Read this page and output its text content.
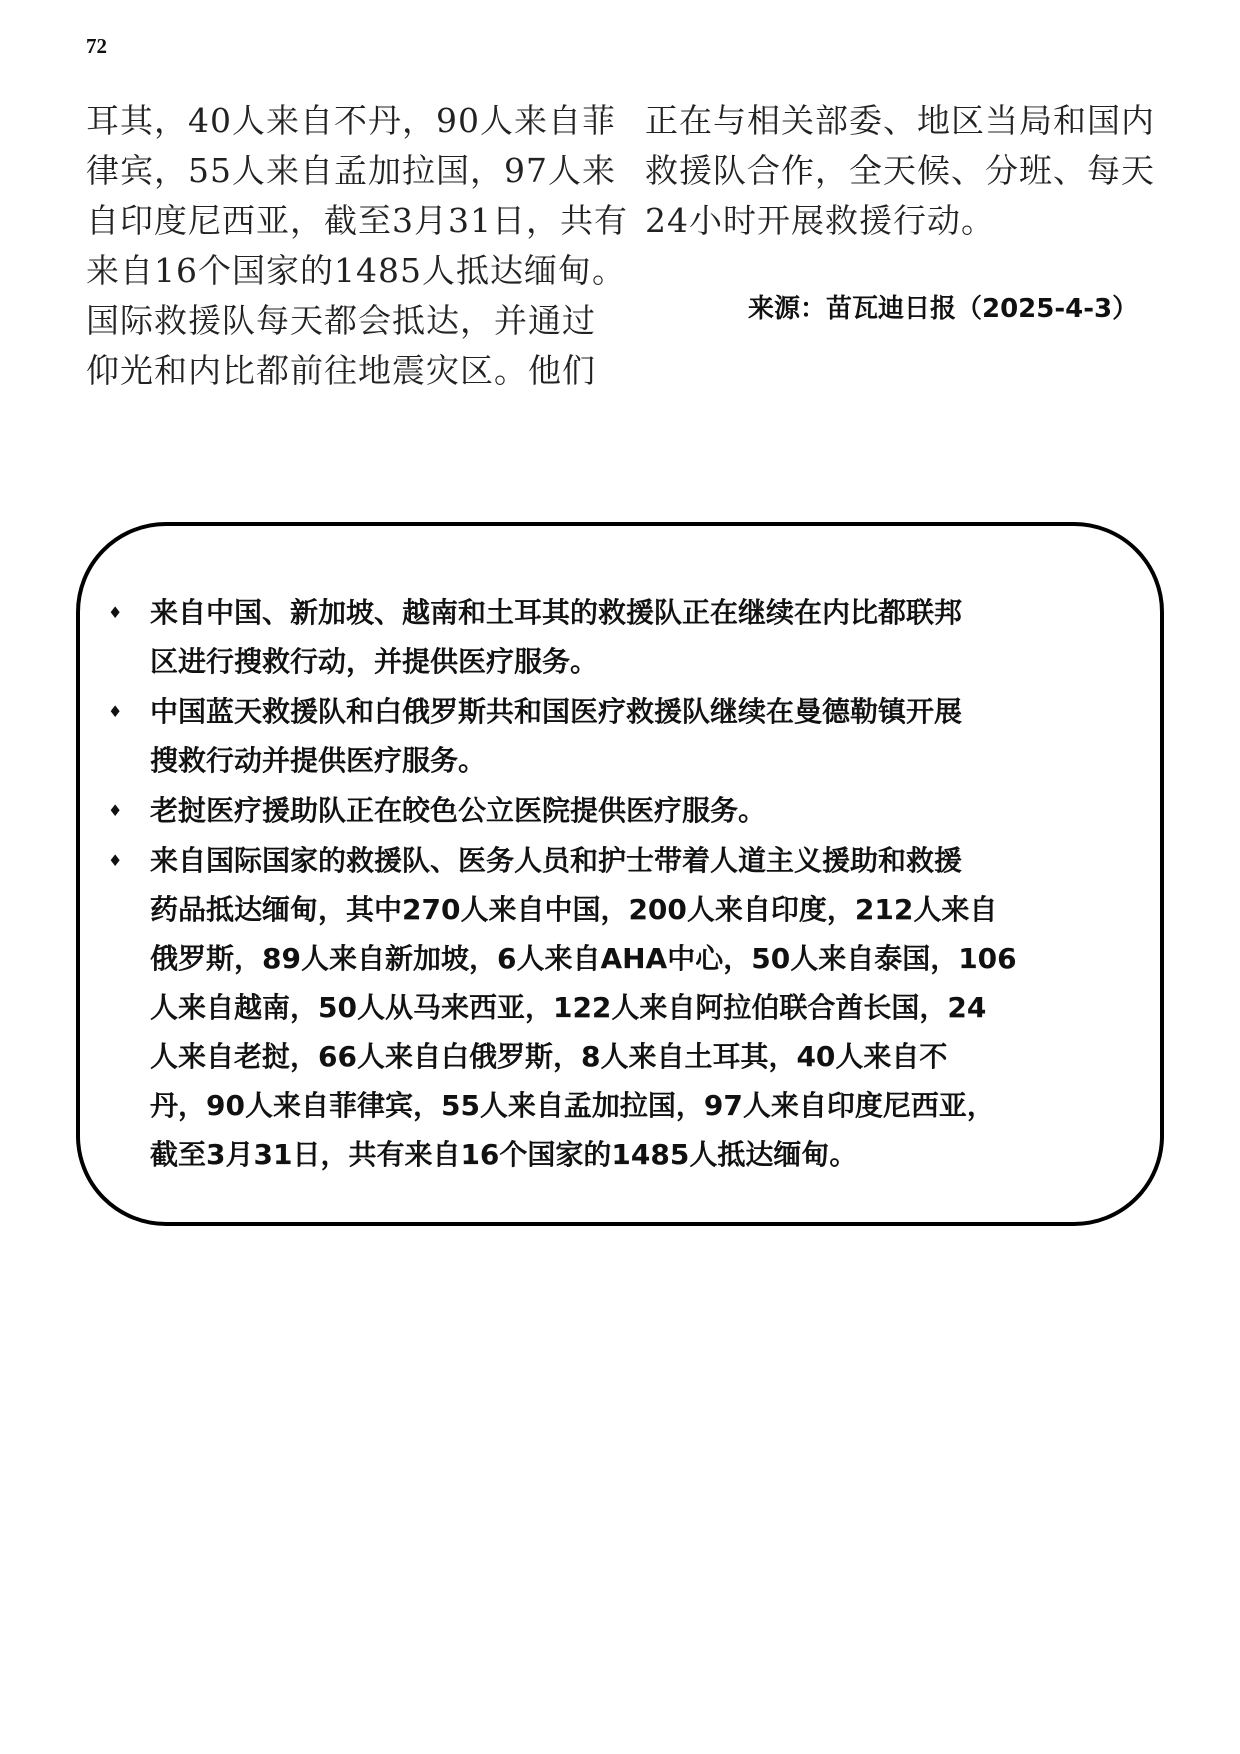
72
耳其，40人来自不丹，90人来自菲
律宾，55人来自孟加拉国，97人来
自印度尼西亚，截至3月31日，共有
来自16个国家的1485人抵达缅甸。
国际救援队每天都会抵达，并通过
仰光和内比都前往地震灾区。他们
正在与相关部委、地区当局和国内
救援队合作，全天候、分班、每天
24小时开展救援行动。
来源：苗瓦迪日报（2025-4-3）
♦ 来自中国、新加坡、越南和土耳其的救援队正在继续在内比都联邦
区进行搜救行动，并提供医疗服务。
♦ 中国蓝天救援队和白俄罗斯共和国医疗救援队继续在曼德勒镇开展
搜救行动并提供医疗服务。
♦ 老挝医疗援助队正在皎色公立医院提供医疗服务。
♦ 来自国际国家的救援队、医务人员和护士带着人道主义援助和救援
药品抵达缅甸，其中270人来自中国，200人来自印度，212人来自
俄罗斯，89人来自新加坡，6人来自AHA中心，50人来自泰国，106
人来自越南，50人从马来西亚，122人来自阿拉伯联合酋长国，24
人来自老挝，66人来自白俄罗斯，8人来自土耳其，40人来自不
丹，90人来自菲律宾，55人来自孟加拉国，97人来自印度尼西亚，
截至3月31日，共有来自16个国家的1485人抵达缅甸。
